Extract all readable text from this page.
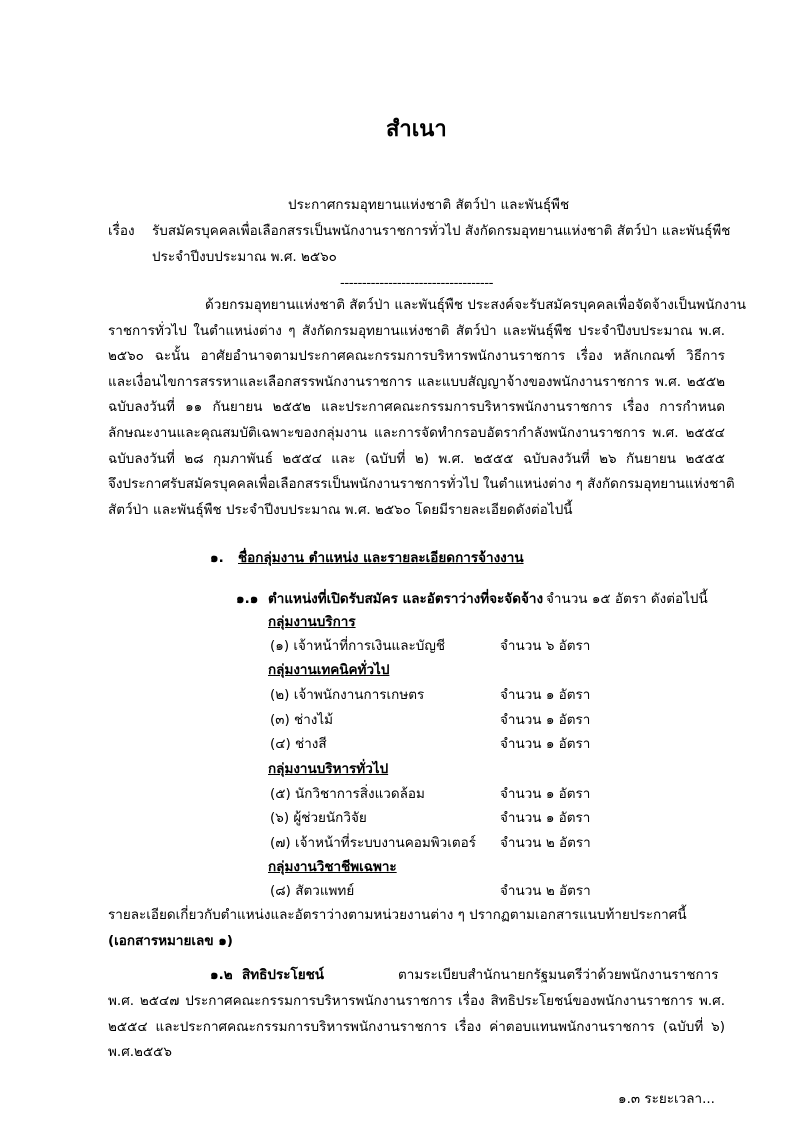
สำเนา
ประกาศกรมอุทยานแห่งชาติ สัตว์ป่า และพันธุ์พืช
เรื่อง รับสมัครบุคคลเพื่อเลือกสรรเป็นพนักงานราชการทั่วไป สังกัดกรมอุทยานแห่งชาติ สัตว์ป่า และพันธุ์พืช
ประจำปีงบประมาณ พ.ศ. ๒๕๖๐
-----------------------------------
ด้วยกรมอุทยานแห่งชาติ สัตว์ป่า และพันธุ์พืช ประสงค์จะรับสมัครบุคคลเพื่อจัดจ้างเป็นพนักงาน
ราชการทั่วไป ในตำแหน่งต่าง ๆ สังกัดกรมอุทยานแห่งชาติ สัตว์ป่า และพันธุ์พืช ประจำปีงบประมาณ พ.ศ.
๒๕๖๐ ฉะนั้น อาศัยอำนาจตามประกาศคณะกรรมการบริหารพนักงานราชการ เรื่อง หลักเกณฑ์ วิธีการ
และเงื่อนไขการสรรหาและเลือกสรรพนักงานราชการ และแบบสัญญาจ้างของพนักงานราชการ พ.ศ. ๒๕๕๒
ฉบับลงวันที่ ๑๑ กันยายน ๒๕๕๒ และประกาศคณะกรรมการบริหารพนักงานราชการ เรื่อง การกำหนด
ลักษณะงานและคุณสมบัติเฉพาะของกลุ่มงาน และการจัดทำกรอบอัตรากำลังพนักงานราชการ พ.ศ. ๒๕๕๔
ฉบับลงวันที่ ๒๘ กุมภาพันธ์ ๒๕๕๔ และ (ฉบับที่ ๒) พ.ศ. ๒๕๕๕ ฉบับลงวันที่ ๒๖ กันยายน ๒๕๕๕
จึงประกาศรับสมัครบุคคลเพื่อเลือกสรรเป็นพนักงานราชการทั่วไป ในตำแหน่งต่าง ๆ สังกัดกรมอุทยานแห่งชาติ
สัตว์ป่า และพันธุ์พืช ประจำปีงบประมาณ พ.ศ. ๒๕๖๐ โดยมีรายละเอียดดังต่อไปนี้
๑. ชื่อกลุ่มงาน ตำแหน่ง และรายละเอียดการจ้างงาน
๑.๑ ตำแหน่งที่เปิดรับสมัคร และอัตราว่างที่จะจัดจ้าง จำนวน ๑๕ อัตรา ดังต่อไปนี้
กลุ่มงานบริการ
(๑) เจ้าหน้าที่การเงินและบัญชี	จำนวน ๖ อัตรา
กลุ่มงานเทคนิคทั่วไป
(๒) เจ้าพนักงานการเกษตร	จำนวน ๑ อัตรา
(๓) ช่างไม้	จำนวน ๑ อัตรา
(๔) ช่างสี	จำนวน ๑ อัตรา
กลุ่มงานบริหารทั่วไป
(๕) นักวิชาการสิ่งแวดล้อม	จำนวน ๑ อัตรา
(๖) ผู้ช่วยนักวิจัย	จำนวน ๑ อัตรา
(๗) เจ้าหน้าที่ระบบงานคอมพิวเตอร์ จำนวน ๒ อัตรา
กลุ่มงานวิชาชีพเฉพาะ
(๘) สัตวแพทย์	จำนวน ๒ อัตรา
รายละเอียดเกี่ยวกับตำแหน่งและอัตราว่างตามหน่วยงานต่าง ๆ ปรากฏตามเอกสารแนบท้ายประกาศนี้
(เอกสารหมายเลข ๑)
๑.๒ สิทธิประโยชน์	ตามระเบียบสำนักนายกรัฐมนตรีว่าด้วยพนักงานราชการ
พ.ศ. ๒๕๔๗ ประกาศคณะกรรมการบริหารพนักงานราชการ เรื่อง สิทธิประโยชน์ของพนักงานราชการ พ.ศ.
๒๕๕๔ และประกาศคณะกรรมการบริหารพนักงานราชการ เรื่อง ค่าตอบแทนพนักงานราชการ (ฉบับที่ ๖)
พ.ศ.๒๕๕๖
๑.๓ ระยะเวลา...
